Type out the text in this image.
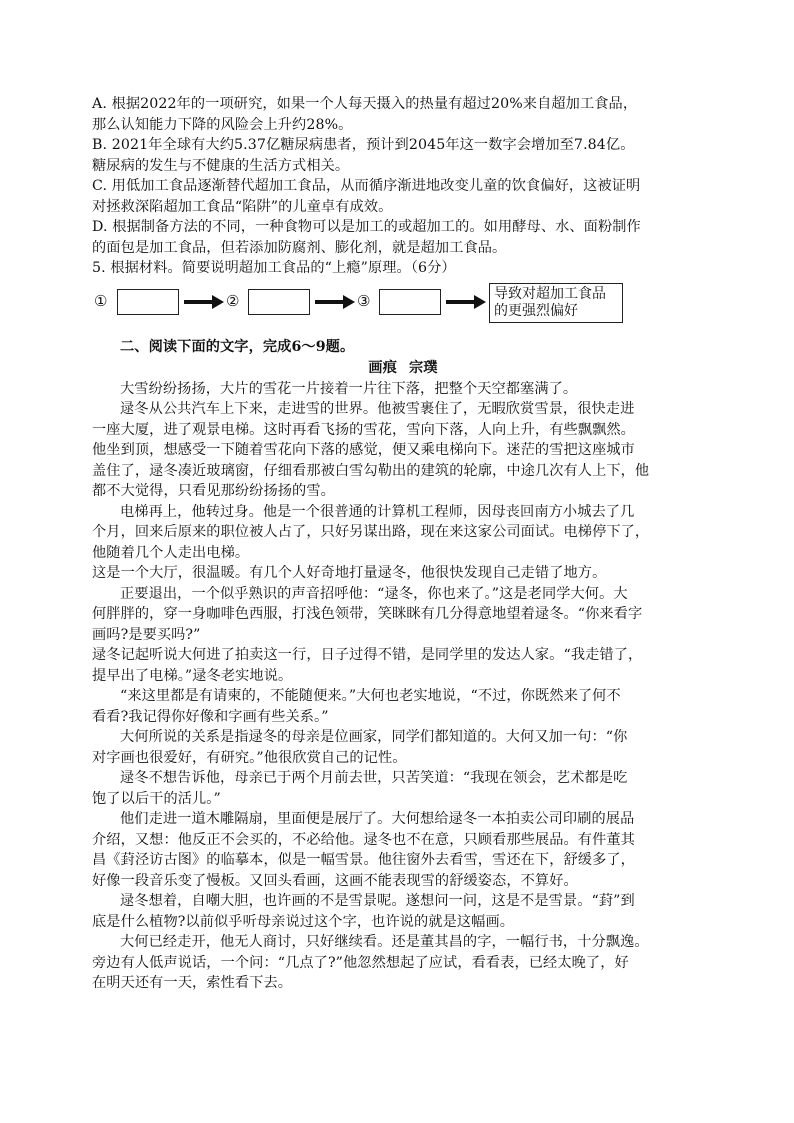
A. 根据2022年的一项研究，如果一个人每天摄入的热量有超过20%来自超加工食品，
那么认知能力下降的风险会上升约28%。
B. 2021年全球有大约5.37亿糖尿病患者，预计到2045年这一数字会增加至7.84亿。
糖尿病的发生与不健康的生活方式相关。
C. 用低加工食品逐渐替代超加工食品，从而循序渐进地改变儿童的饮食偏好，这被证明
对拯救深陷超加工食品“陷阱”的儿童卓有成效。
D. 根据制备方法的不同，一种食物可以是加工的或超加工的。如用酵母、水、面粉制作
的面包是加工食品，但若添加防腐剂、膨化剂，就是超加工食品。
5. 根据材料。简要说明超加工食品的“上瘾”原理。（6分）
①	②	③	导致对超加工食品
的更强烈偏好
二、阅读下面的文字，完成6～9题。
画痕 宗璞
大雪纷纷扬扬，大片的雪花一片接着一片往下落，把整个天空都塞满了。
逯冬从公共汽车上下来，走进雪的世界。他被雪裹住了，无暇欣赏雪景，很快走进
一座大厦，进了观景电梯。这时再看飞扬的雪花，雪向下落，人向上升，有些飘飘然。
他坐到顶，想感受一下随着雪花向下落的感觉，便又乘电梯向下。迷茫的雪把这座城市
盖住了，逯冬凑近玻璃窗，仔细看那被白雪勾勒出的建筑的轮廓，中途几次有人上下，他
都不大觉得，只看见那纷纷扬扬的雪。
电梯再上，他转过身。他是一个很普通的计算机工程师，因母丧回南方小城去了几
个月，回来后原来的职位被人占了，只好另谋出路，现在来这家公司面试。电梯停下了，
他随着几个人走出电梯。
这是一个大厅，很温暖。有几个人好奇地打量逯冬，他很快发现自己走错了地方。
正要退出，一个似乎熟识的声音招呼他：“逯冬，你也来了。”这是老同学大何。大
何胖胖的，穿一身咖啡色西服，打浅色领带，笑眯眯有几分得意地望着逯冬。“你来看字
画吗?是要买吗?”
逯冬记起听说大何进了拍卖这一行，日子过得不错，是同学里的发达人家。“我走错了，
提早出了电梯。”逯冬老实地说。
“来这里都是有请柬的，不能随便来。”大何也老实地说，“不过，你既然来了何不
看看?我记得你好像和字画有些关系。”
大何所说的关系是指逯冬的母亲是位画家，同学们都知道的。大何又加一句：“你
对字画也很爱好，有研究。”他很欣赏自己的记性。
逯冬不想告诉他，母亲已于两个月前去世，只苦笑道：“我现在领会，艺术都是吃
饱了以后干的活儿。”
他们走进一道木雕隔扇，里面便是展厅了。大何想给逯冬一本拍卖公司印刷的展品
介绍，又想：他反正不会买的，不必给他。逯冬也不在意，只顾看那些展品。有件董其
昌《葑泾访古图》的临摹本，似是一幅雪景。他往窗外去看雪，雪还在下，舒缓多了，
好像一段音乐变了慢板。又回头看画，这画不能表现雪的舒缓姿态，不算好。
逯冬想着，自嘲大胆，也许画的不是雪景呢。遂想问一问，这是不是雪景。“葑”到
底是什么植物?以前似乎听母亲说过这个字，也许说的就是这幅画。
大何已经走开，他无人商讨，只好继续看。还是董其昌的字，一幅行书，十分飘逸。
旁边有人低声说话，一个问：“几点了?”他忽然想起了应试，看看表，已经太晚了，好
在明天还有一天，索性看下去。
